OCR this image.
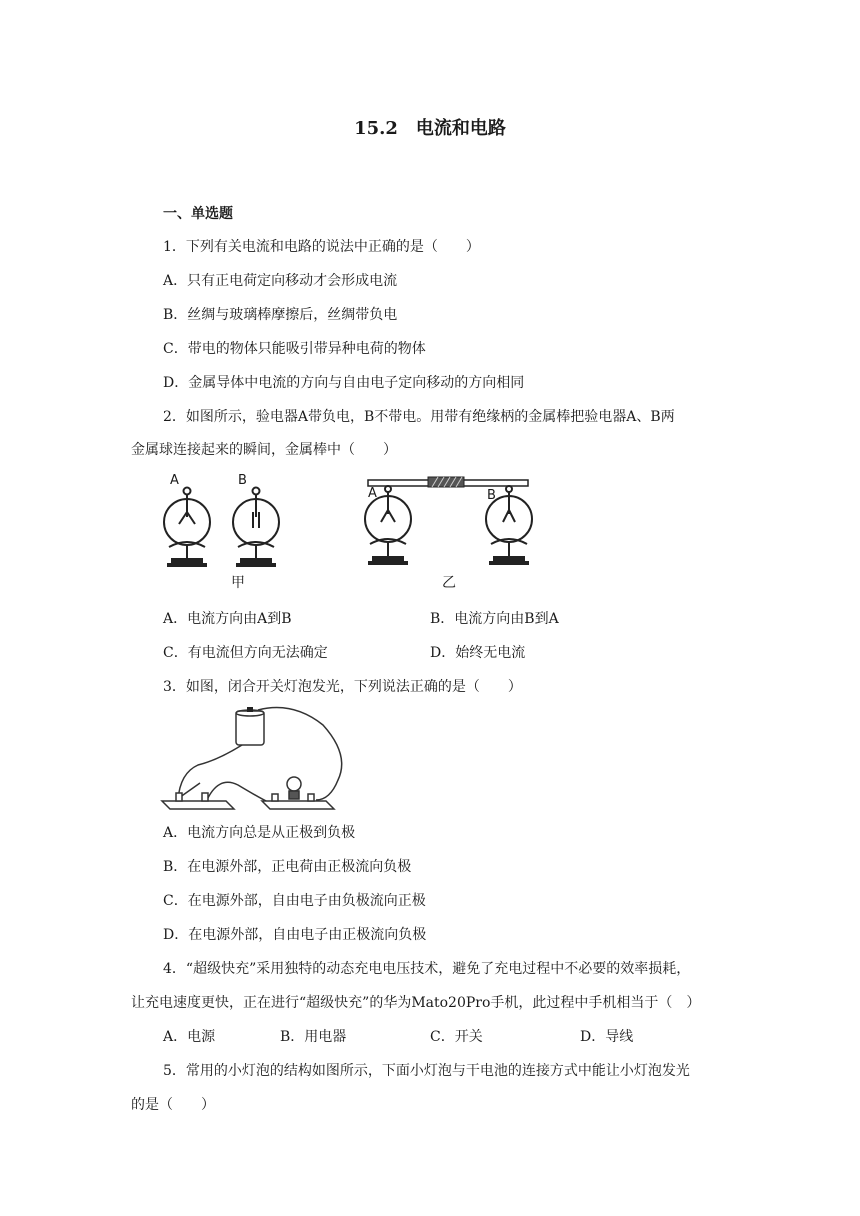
15.2　电流和电路
一、单选题
1．下列有关电流和电路的说法中正确的是（　　）
A．只有正电荷定向移动才会形成电流
B．丝绸与玻璃棒摩擦后，丝绸带负电
C．带电的物体只能吸引带异种电荷的物体
D．金属导体中电流的方向与自由电子定向移动的方向相同
2．如图所示，验电器A带负电，B不带电。用带有绝缘柄的金属棒把验电器A、B两
金属球连接起来的瞬间，金属棒中（　　）
A	B
甲
A	B
乙
A．电流方向由A到B	B．电流方向由B到A
C．有电流但方向无法确定	D．始终无电流
3．如图，闭合开关灯泡发光，下列说法正确的是（　　）
A．电流方向总是从正极到负极
B．在电源外部，正电荷由正极流向负极
C．在电源外部，自由电子由负极流向正极
D．在电源外部，自由电子由正极流向负极
4．“超级快充”采用独特的动态充电电压技术，避免了充电过程中不必要的效率损耗，
让充电速度更快，正在进行“超级快充”的华为Mato20Pro手机，此过程中手机相当于（　）
A．电源	B．用电器	C．开关	D．导线
5．常用的小灯泡的结构如图所示，下面小灯泡与干电池的连接方式中能让小灯泡发光
的是（　　）
